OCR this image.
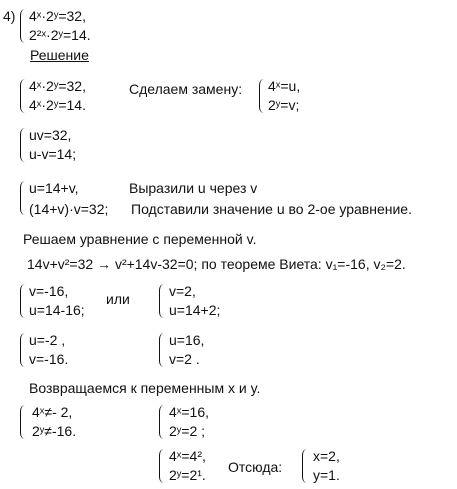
4) 4ˣ·2ʸ=32,
2²ˣ·2ʸ=14.
Решение
4ˣ·2ʸ=32,
4ˣ·2ʸ=14.
Сделаем замену: 4ˣ=u,
2ʸ=v;
uv=32,
u-v=14;
u=14+v,
(14+v)·v=32;
Выразили u через v
Подставили значение u во 2-ое уравнение.
Решаем уравнение с переменной v.
14v+v²=32 → v²+14v-32=0; по теореме Виета: v₁=-16, v₂=2.
v=-16,
u=14-16;
или	v=2,
u=14+2;
u=-2 ,
v=-16.
u=16,
v=2 .
Возвращаемся к переменным x и y.
4ˣ≠- 2,
2ʸ≠-16.
4ˣ=16,
2ʸ=2 ;
4ˣ=4²,
2ʸ=2¹. Отсюда:
x=2,
y=1.
